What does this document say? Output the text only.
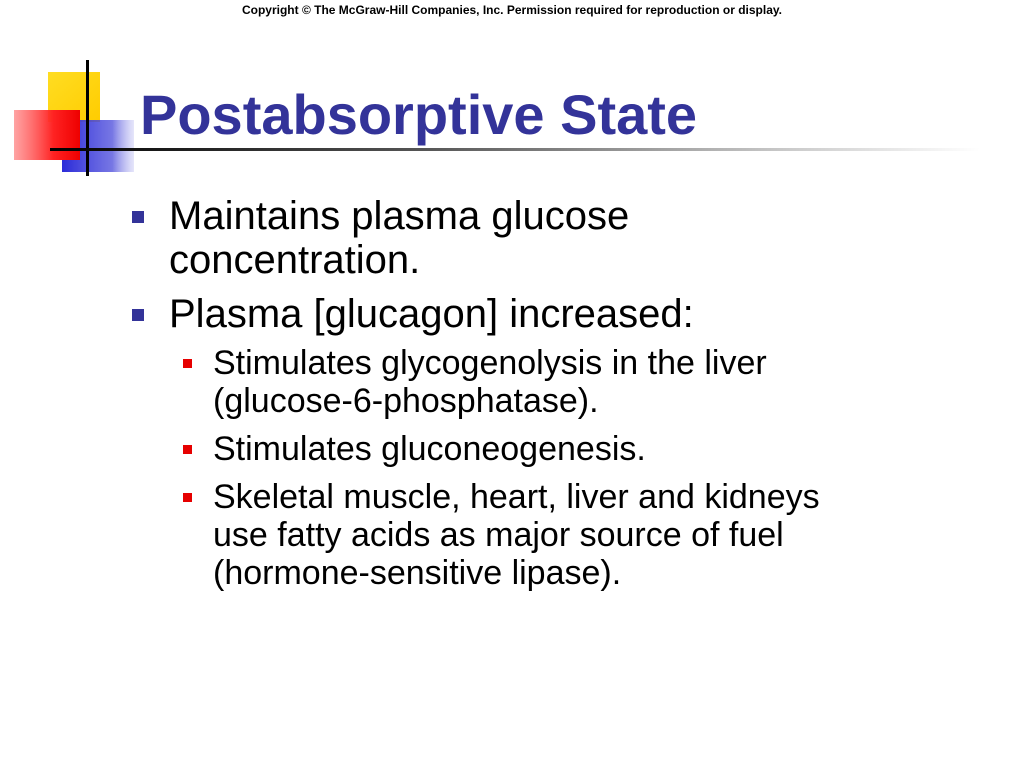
Copyright © The McGraw-Hill Companies, Inc. Permission required for reproduction or display.
Postabsorptive State
Maintains plasma glucose
concentration.
Plasma [glucagon] increased:
Stimulates glycogenolysis in the liver
(glucose-6-phosphatase).
Stimulates gluconeogenesis.
Skeletal muscle, heart, liver and kidneys
use fatty acids as major source of fuel
(hormone-sensitive lipase).
